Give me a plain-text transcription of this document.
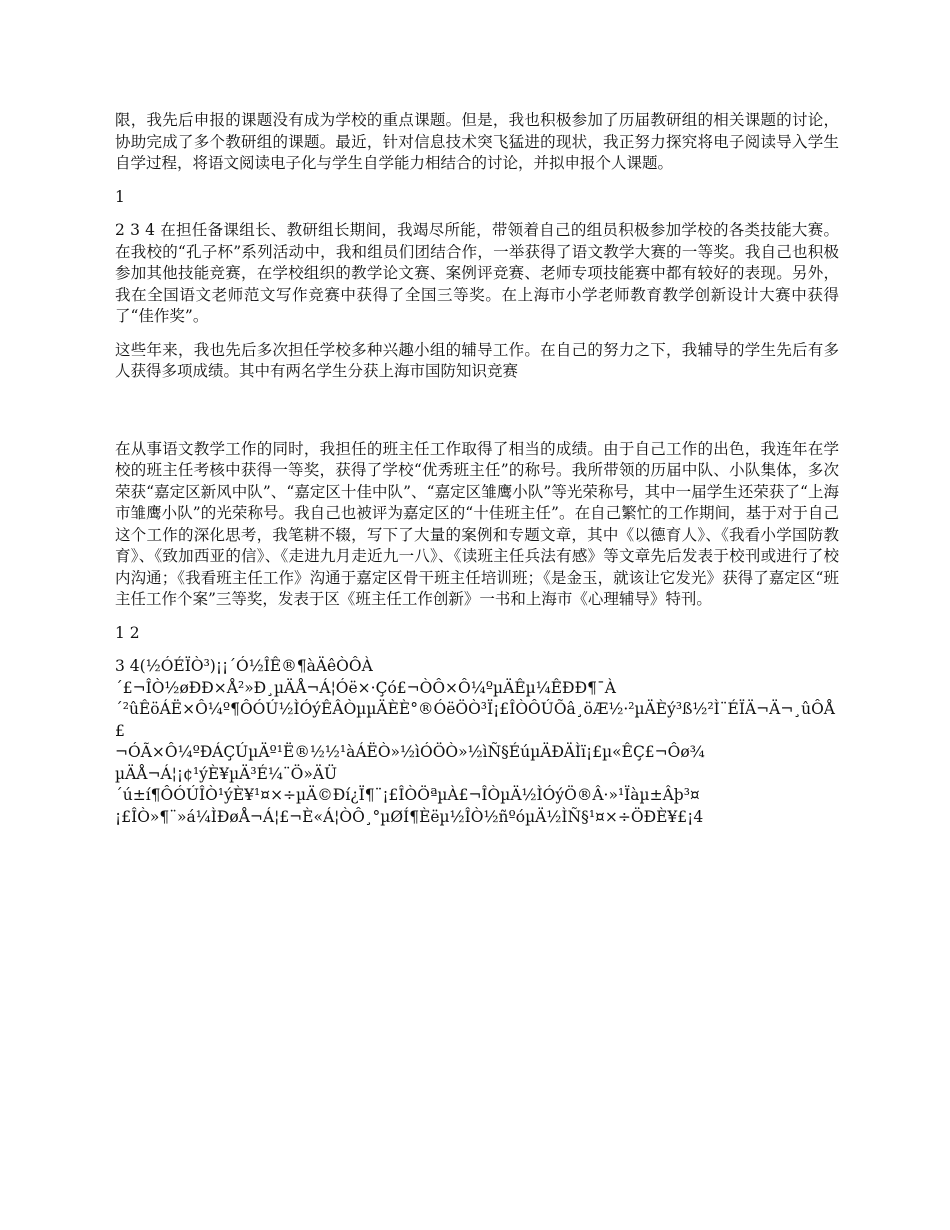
限，我先后申报的课题没有成为学校的重点课题。但是，我也积极参加了历届教研组的相关课题的讨论，协助完成了多个教研组的课题。最近，针对信息技术突飞猛进的现状，我正努力探究将电子阅读导入学生自学过程，将语文阅读电子化与学生自学能力相结合的讨论，并拟申报个人课题。

1

2 3 4 在担任备课组长、教研组长期间，我竭尽所能，带领着自己的组员积极参加学校的各类技能大赛。在我校的“孔子杯”系列活动中，我和组员们团结合作，一举获得了语文教学大赛的一等奖。我自己也积极参加其他技能竞赛，在学校组织的教学论文赛、案例评竞赛、老师专项技能赛中都有较好的表现。另外，我在全国语文老师范文写作竞赛中获得了全国三等奖。在上海市小学老师教育教学创新设计大赛中获得了“佳作奖”。

这些年来，我也先后多次担任学校多种兴趣小组的辅导工作。在自己的努力之下，我辅导的学生先后有多人获得多项成绩。其中有两名学生分获上海市国防知识竞赛

在从事语文教学工作的同时，我担任的班主任工作取得了相当的成绩。由于自己工作的出色，我连年在学校的班主任考核中获得一等奖，获得了学校“优秀班主任”的称号。我所带领的历届中队、小队集体，多次荣获“嘉定区新风中队”、“嘉定区十佳中队”、“嘉定区雏鹰小队”等光荣称号，其中一届学生还荣获了“上海市雏鹰小队”的光荣称号。我自己也被评为嘉定区的“十佳班主任”。在自己繁忙的工作期间，基于对于自己这个工作的深化思考，我笔耕不辍，写下了大量的案例和专题文章，其中《以德育人》、《我看小学国防教育》、《致加西亚的信》、《走进九月走近九一八》、《读班主任兵法有感》等文章先后发表于校刊或进行了校内沟通；《我看班主任工作》沟通于嘉定区骨干班主任培训班；《是金玉，就该让它发光》获得了嘉定区“班主任工作个案”三等奖，发表于区《班主任工作创新》一书和上海市《心理辅导》特刊。

1 2

3 4(½ÓÉÏÒ³)¡¡´Ó½ÎÊ®¶àÄêÒÔÀ
´£¬ÎÒ½øÐÐ×Å²»Ð¸µÄÅ¬Á¦Óë×·Çó£¬ÒÔ×Ô¼ºµÄÊµ¼ÊÐÐ¶¯À
´²ûÊöÁË×Ô¼º¶ÔÓÚ½ÌÓýÊÂÒµµÄÈÈ°®ÓëÖÒ³Ï¡£ÎÒÔÚÕâ¸öÆ½·²µÄÈý³ß½²Ì¨ÉÏÄ¬Ä¬¸ûÔÅ£
¬ÓÃ×Ô¼ºÐÁÇÚµÄº¹Ë®½½¹àÁËÒ»½ìÓÖÒ»½ìÑ§ÉúµÄÐÄÌï¡£µ«ÊÇ£¬Ôø¾
µÄÅ¬Á¦¡¢¹ýÈ¥µÄ³É¼¨Ö»ÄÜ
´ú±í¶ÔÓÚÎÒ¹ýÈ¥¹¤×÷µÄ©Ðí¿Ï¶¨¡£ÎÒÖªµÀ£¬ÎÒµÄ½ÌÓýÖ®Â·»¹Ïàµ±Âþ³¤
¡£ÎÒ»¶¨»á¼ÌÐøÅ¬Á¦£¬È«Á¦ÒÔ¸°µØÍ¶Èëµ½ÎÒ½ñºóµÄ½ÌÑ§¹¤×÷ÖÐÈ¥£¡4
